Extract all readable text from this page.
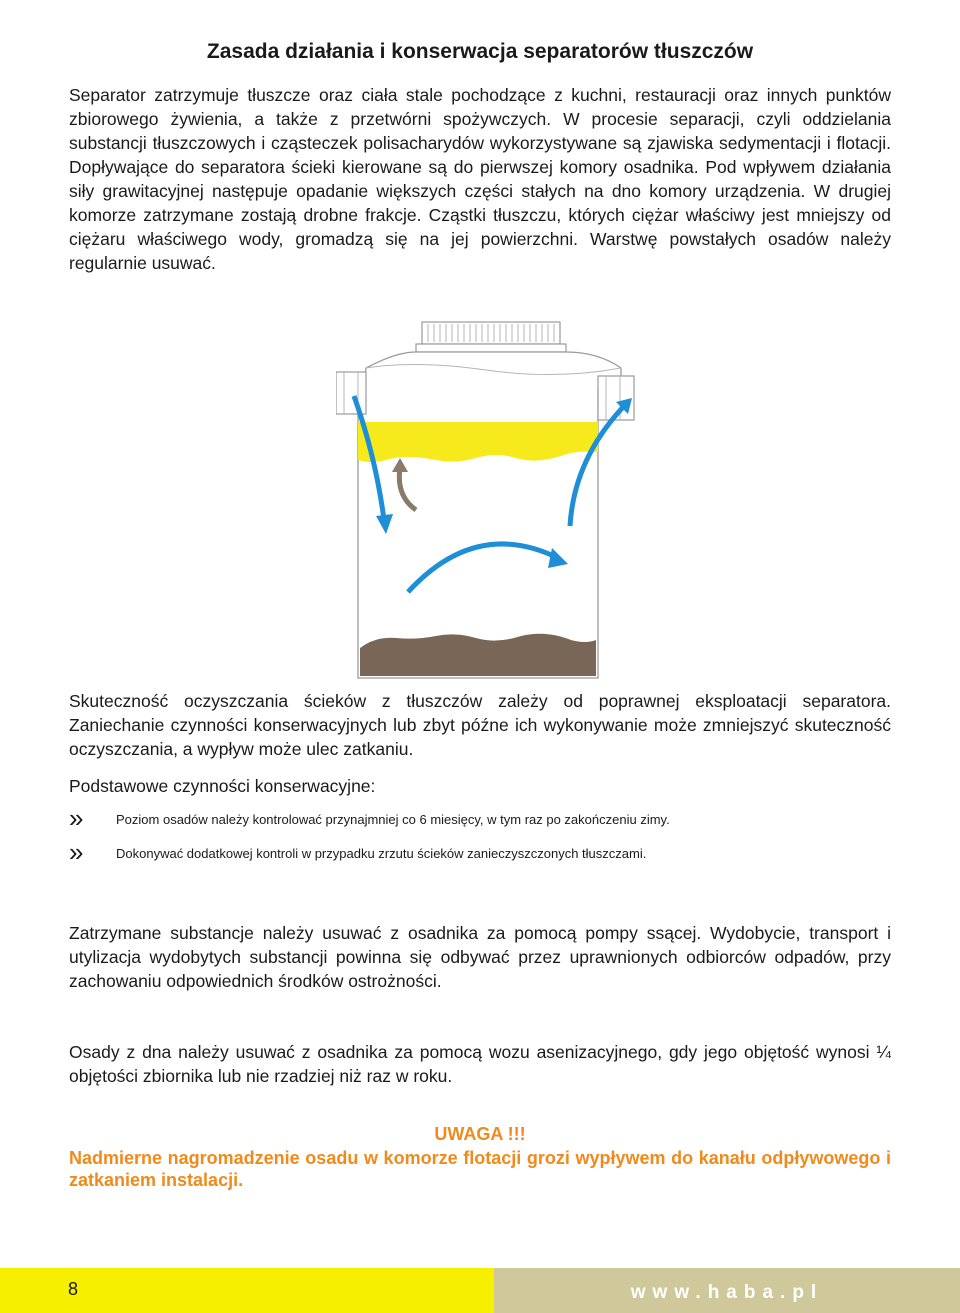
Zasada działania i konserwacja separatorów tłuszczów

Separator zatrzymuje tłuszcze oraz ciała stale pochodzące z kuchni, restauracji oraz innych punktów zbiorowego żywienia, a także z przetwórni spożywczych. W procesie separacji, czyli oddzielania substancji tłuszczowych i cząsteczek polisacharydów wykorzystywane są zjawiska sedymentacji i flotacji. Dopływające do separatora ścieki kierowane są do pierwszej komory osadnika. Pod wpływem działania siły grawitacyjnej następuje opadanie większych części stałych na dno komory urządzenia. W drugiej komorze zatrzymane zostają drobne frakcje. Cząstki tłuszczu, których ciężar właściwy jest mniejszy od ciężaru właściwego wody, gromadzą się na jej powierzchni. Warstwę powstałych osadów należy regularnie usuwać.

Skuteczność oczyszczania ścieków z tłuszczów zależy od poprawnej eksploatacji separatora. Zaniechanie czynności konserwacyjnych lub zbyt późne ich wykonywanie może zmniejszyć skuteczność oczyszczania, a wypływ może ulec zatkaniu.

Podstawowe czynności konserwacyjne:

»	Poziom osadów należy kontrolować przynajmniej co 6 miesięcy, w tym raz po zakończeniu zimy.
»	Dokonywać dodatkowej kontroli w przypadku zrzutu ścieków zanieczyszczonych tłuszczami.

Zatrzymane substancje należy usuwać z osadnika za pomocą pompy ssącej. Wydobycie, transport i utylizacja wydobytych substancji powinna się odbywać przez uprawnionych odbiorców odpadów, przy zachowaniu odpowiednich środków ostrożności.

Osady z dna należy usuwać z osadnika za pomocą wozu asenizacyjnego, gdy jego objętość wynosi ¼ objętości zbiornika lub nie rzadziej niż raz w roku.

UWAGA !!!

Nadmierne nagromadzenie osadu w komorze flotacji grozi wypływem do kanału odpływowego i zatkaniem instalacji.

8	www.haba.pl
